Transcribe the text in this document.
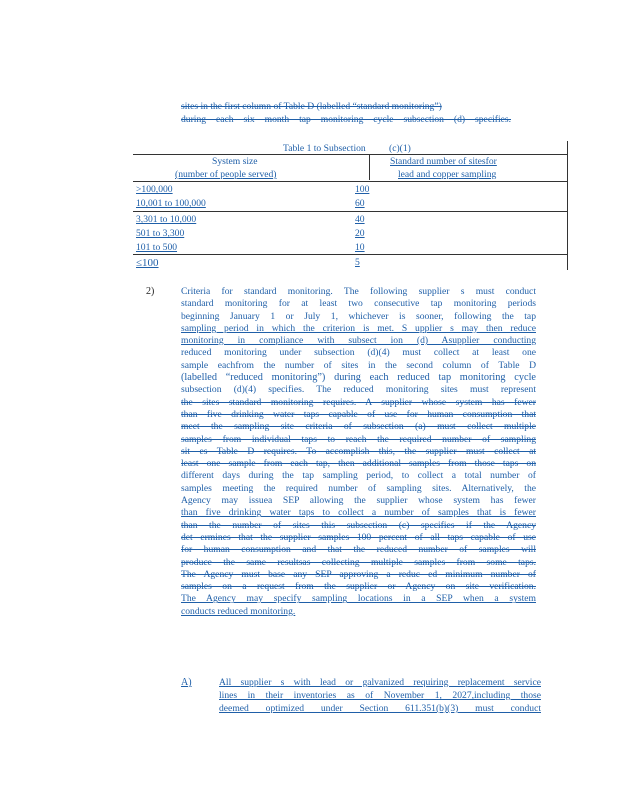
sites in the first column of Table D (labelled “standard monitoring”)
during each six month tap monitoring cycle subsection (d) specifies.
Table 1 to Subsection (c)(1)
System size
(number of people served)
Standard number of sitesfor
lead and copper sampling
>100,000	100
10,001 to 100,000	60
3,301 to 10,000	40
501 to 3,300	20
101 to 500	10
≤100	5
2)	Criteria for standard monitoring. The following supplier s must conduct
standard monitoring for at least two consecutive tap monitoring periods
beginning January 1 or July 1, whichever is sooner, following the tap
sampling period in which the criterion is met. S upplier s may then reduce
monitoring in compliance with subsect ion (d) Asupplier conducting
reduced monitoring under subsection (d)(4) must collect at least one
sample eachfrom the number of sites in the second column of Table D
(labelled “reduced monitoring”) during each reduced tap monitoring cycle
subsection (d)(4) specifies. The reduced monitoring sites must represent
the sites standard monitoring requires. A supplier whose system has fewer
than five drinking water taps capable of use for human consumption that
meet the sampling site criteria of subsection (a) must collect multiple
samples from individual taps to reach the required number of sampling
sit es Table D requires. To accomplish this, the supplier must collect at
least one sample from each tap, then additional samples from those taps on
different days during the tap sampling period, to collect a total number of
samples meeting the required number of sampling sites. Alternatively, the
Agency may issuea SEP allowing the supplier whose system has fewer
than five drinking water taps to collect a number of samples that is fewer
than the number of sites this subsection (c) specifies if the Agency
det ermines that the supplier samples 100 percent of all taps capable of use
for human consumption and that the reduced number of samples will
produce the same resultsas collecting multiple samples from some taps.
The Agency must base any SEP approving a reduc ed minimum number of
samples on a request from the supplier or Agency on site verification.
The Agency may specify sampling locations in a SEP when a system
conducts reduced monitoring.
A)	All supplier s with lead or galvanized requiring replacement service
lines in their inventories as of November 1, 2027,including those
deemed optimized under Section 611.351(b)(3) must conduct
